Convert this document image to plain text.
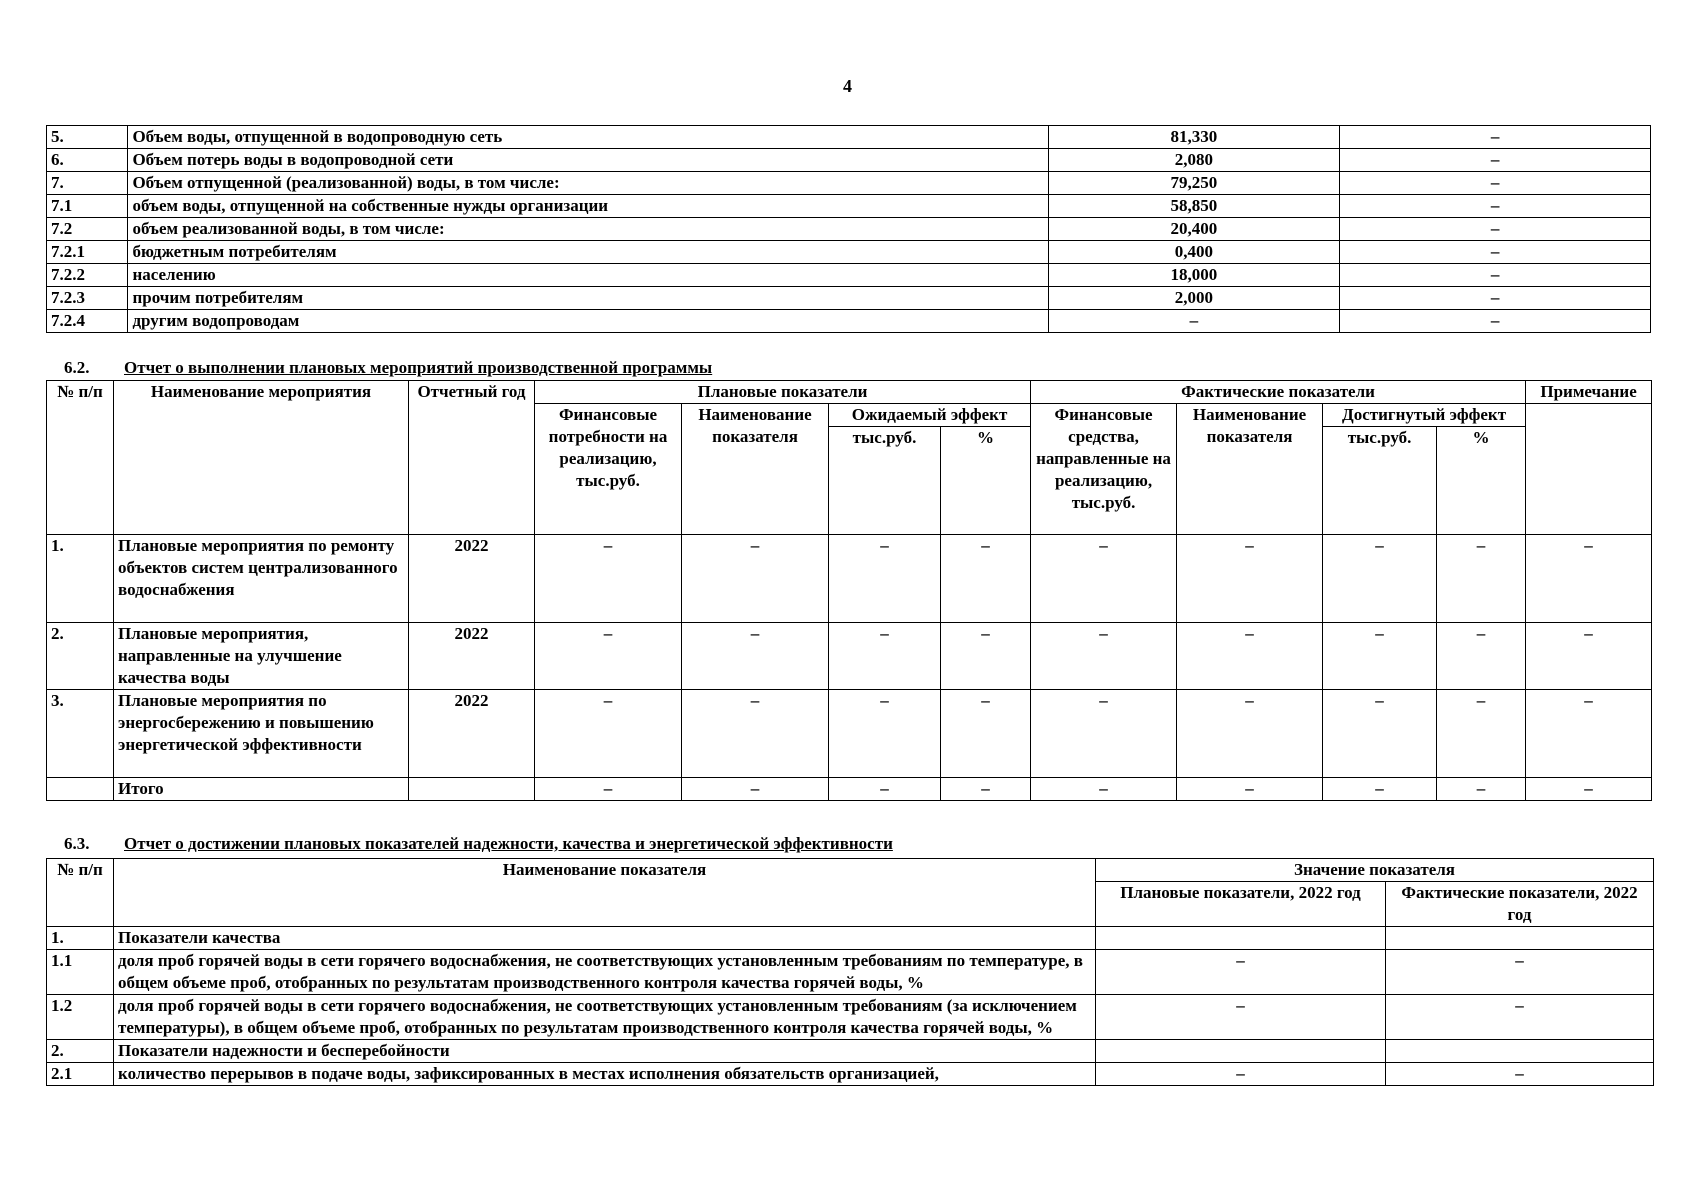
4
5.	Объем воды, отпущенной в водопроводную сеть	81,330	–
6.	Объем потерь воды в водопроводной сети	2,080	–
7.	Объем отпущенной (реализованной) воды, в том числе:	79,250	–
7.1	объем воды, отпущенной на собственные нужды организации	58,850	–
7.2	объем реализованной воды, в том числе:	20,400	–
7.2.1	бюджетным потребителям	0,400	–
7.2.2	населению	18,000	–
7.2.3	прочим потребителям	2,000	–
7.2.4	другим водопроводам	–	–
6.2. Отчет о выполнении плановых мероприятий производственной программы
№ п/п	Наименование мероприятия	Отчетный год	Плановые показатели				Фактические показатели				Примечание
			Финансовые потребности на реализацию, тыс.руб.	Наименование показателя	Ожидаемый эффект		Финансовые средства, направленные на реализацию, тыс.руб.	Наименование показателя	Достигнутый эффект		
					тыс.руб.	%			тыс.руб.	%	
1.	Плановые мероприятия по ремонту объектов систем централизованного водоснабжения	2022	–	–	–	–	–	–	–	–	–
2.	Плановые мероприятия, направленные на улучшение качества воды	2022	–	–	–	–	–	–	–	–	–
3.	Плановые мероприятия по энергосбережению и повышению энергетической эффективности	2022	–	–	–	–	–	–	–	–	–
	Итого		–	–	–	–	–	–	–	–	–
6.3. Отчет о достижении плановых показателей надежности, качества и энергетической эффективности
№ п/п	Наименование показателя	Значение показателя	
		Плановые показатели, 2022 год	Фактические показатели, 2022 год
1.	Показатели качества		
1.1	доля проб горячей воды в сети горячего водоснабжения, не соответствующих установленным требованиям по температуре, в общем объеме проб, отобранных по результатам производственного контроля качества горячей воды, %	–	–
1.2	доля проб горячей воды в сети горячего водоснабжения, не соответствующих установленным требованиям (за исключением температуры), в общем объеме проб, отобранных по результатам производственного контроля качества горячей воды, %	–	–
2.	Показатели надежности и бесперебойности		
2.1	количество перерывов в подаче воды, зафиксированных в местах исполнения обязательств организацией,	–	–
